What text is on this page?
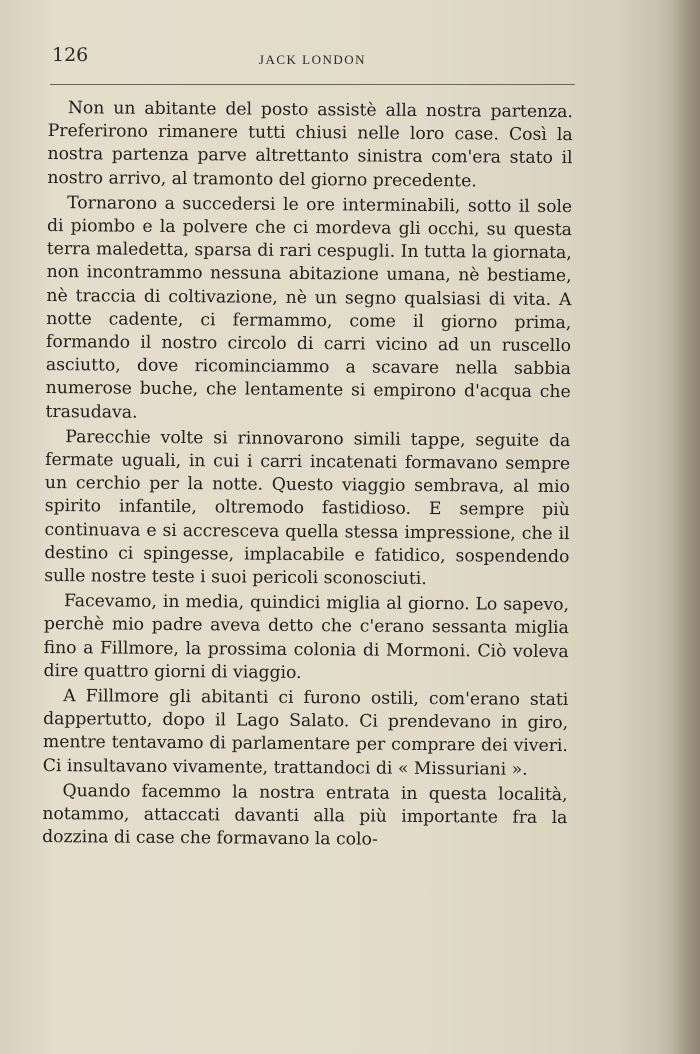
126	JACK LONDON

Non un abitante del posto assistè alla nostra partenza. Preferirono rimanere tutti chiusi nelle loro case. Così la nostra partenza parve altrettanto sinistra com'era stato il nostro arrivo, al tramonto del giorno precedente.

Tornarono a succedersi le ore interminabili, sotto il sole di piombo e la polvere che ci mordeva gli occhi, su questa terra maledetta, sparsa di rari cespugli. In tutta la giornata, non incontrammo nessuna abitazione umana, nè bestiame, nè traccia di coltivazione, nè un segno qualsiasi di vita. A notte cadente, ci fermammo, come il giorno prima, formando il nostro circolo di carri vicino ad un ruscello asciutto, dove ricominciammo a scavare nella sabbia numerose buche, che lentamente si empirono d'acqua che trasudava.

Parecchie volte si rinnovarono simili tappe, seguite da fermate uguali, in cui i carri incatenati formavano sempre un cerchio per la notte. Questo viaggio sembrava, al mio spirito infantile, oltremodo fastidioso. E sempre più continuava e si accresceva quella stessa impressione, che il destino ci spingesse, implacabile e fatidico, sospendendo sulle nostre teste i suoi pericoli sconosciuti.

Facevamo, in media, quindici miglia al giorno. Lo sapevo, perchè mio padre aveva detto che c'erano sessanta miglia fino a Fillmore, la prossima colonia di Mormoni. Ciò voleva dire quattro giorni di viaggio.

A Fillmore gli abitanti ci furono ostili, com'erano stati dappertutto, dopo il Lago Salato. Ci prendevano in giro, mentre tentavamo di parlamentare per comprare dei viveri. Ci insultavano vivamente, trattandoci di « Missuriani ».

Quando facemmo la nostra entrata in questa località, notammo, attaccati davanti alla più importante fra la dozzina di case che formavano la colo-
